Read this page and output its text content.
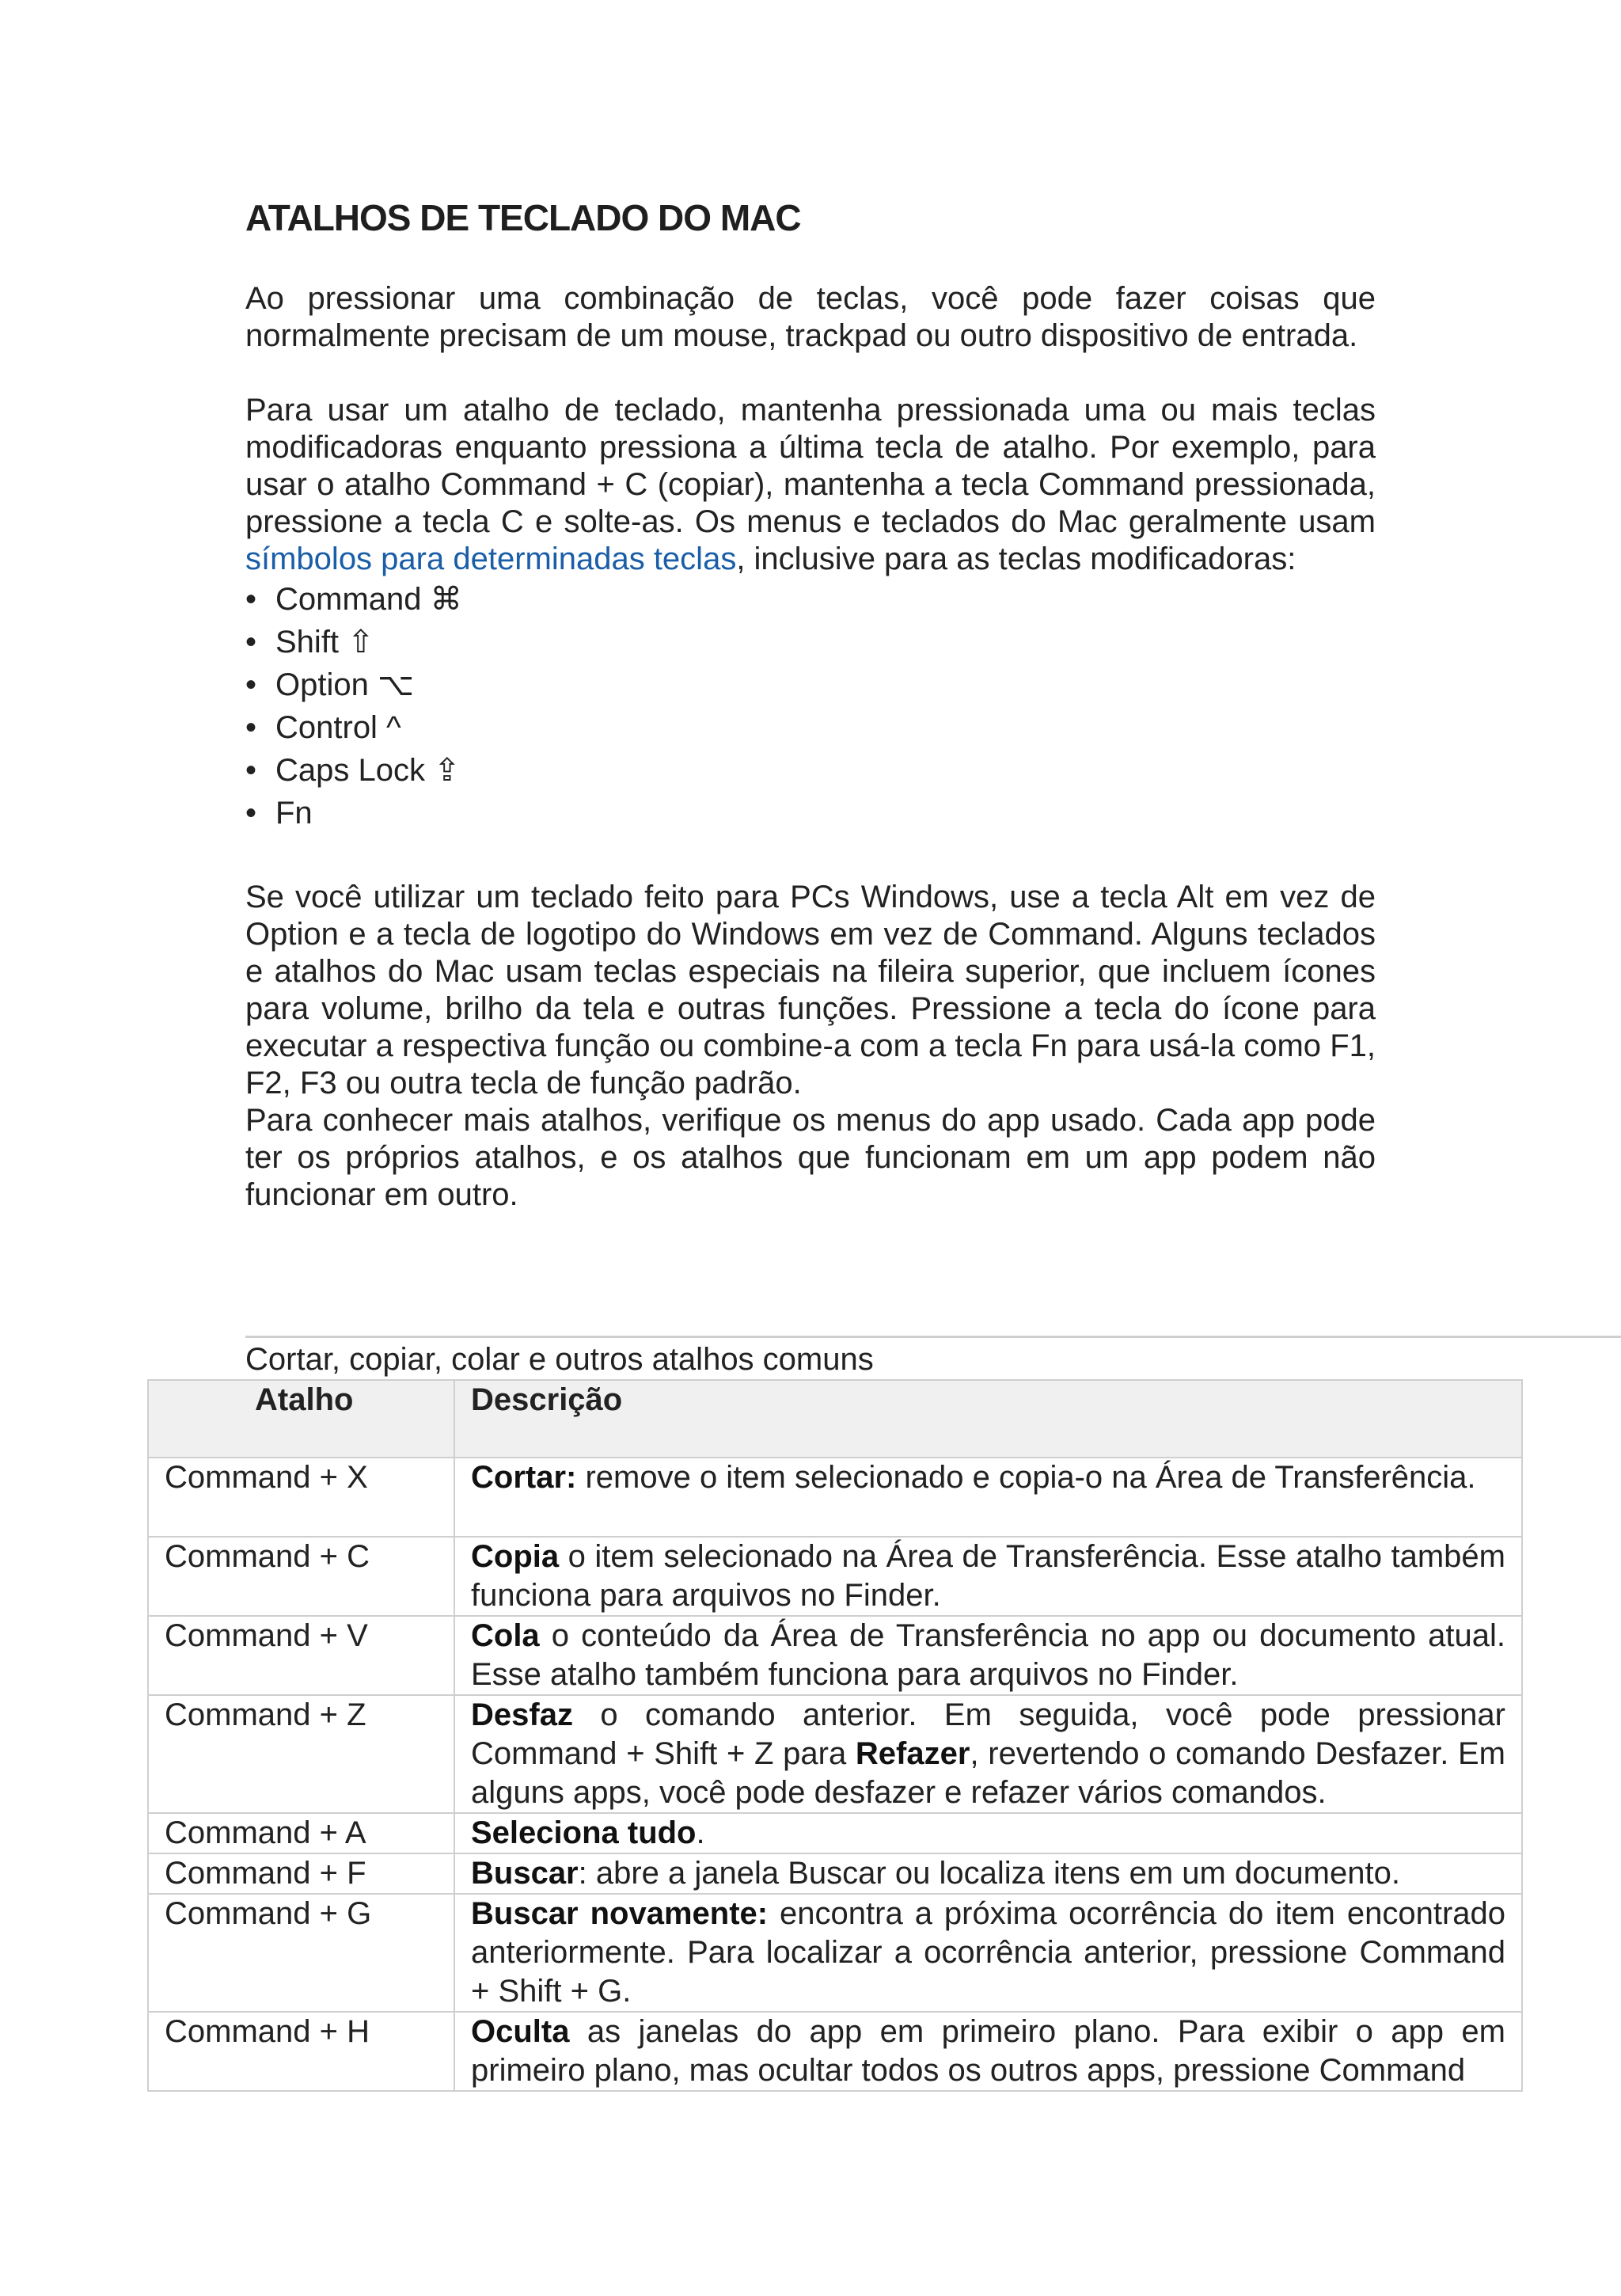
ATALHOS DE TECLADO DO MAC

Ao pressionar uma combinação de teclas, você pode fazer coisas que normalmente precisam de um mouse, trackpad ou outro dispositivo de entrada.

Para usar um atalho de teclado, mantenha pressionada uma ou mais teclas modificadoras enquanto pressiona a última tecla de atalho. Por exemplo, para usar o atalho Command + C (copiar), mantenha a tecla Command pressionada, pressione a tecla C e solte-as. Os menus e teclados do Mac geralmente usam símbolos para determinadas teclas, inclusive para as teclas modificadoras:

• Command ⌘
• Shift ⇧
• Option ⌥
• Control ^
• Caps Lock ⇪
• Fn

Se você utilizar um teclado feito para PCs Windows, use a tecla Alt em vez de Option e a tecla de logotipo do Windows em vez de Command. Alguns teclados e atalhos do Mac usam teclas especiais na fileira superior, que incluem ícones para volume, brilho da tela e outras funções. Pressione a tecla do ícone para executar a respectiva função ou combine-a com a tecla Fn para usá-la como F1, F2, F3 ou outra tecla de função padrão.

Para conhecer mais atalhos, verifique os menus do app usado. Cada app pode ter os próprios atalhos, e os atalhos que funcionam em um app podem não funcionar em outro.

Cortar, copiar, colar e outros atalhos comuns
Atalho	Descrição
Command + X	Cortar: remove o item selecionado e copia-o na Área de Transferência.
Command + C	Copia o item selecionado na Área de Transferência. Esse atalho também funciona para arquivos no Finder.
Command + V	Cola o conteúdo da Área de Transferência no app ou documento atual. Esse atalho também funciona para arquivos no Finder.
Command + Z	Desfaz o comando anterior. Em seguida, você pode pressionar Command + Shift + Z para Refazer, revertendo o comando Desfazer. Em alguns apps, você pode desfazer e refazer vários comandos.
Command + A	Seleciona tudo.
Command + F	Buscar: abre a janela Buscar ou localiza itens em um documento.
Command + G	Buscar novamente: encontra a próxima ocorrência do item encontrado anteriormente. Para localizar a ocorrência anterior, pressione Command + Shift + G.
Command + H	Oculta as janelas do app em primeiro plano. Para exibir o app em primeiro plano, mas ocultar todos os outros apps, pressione Command
